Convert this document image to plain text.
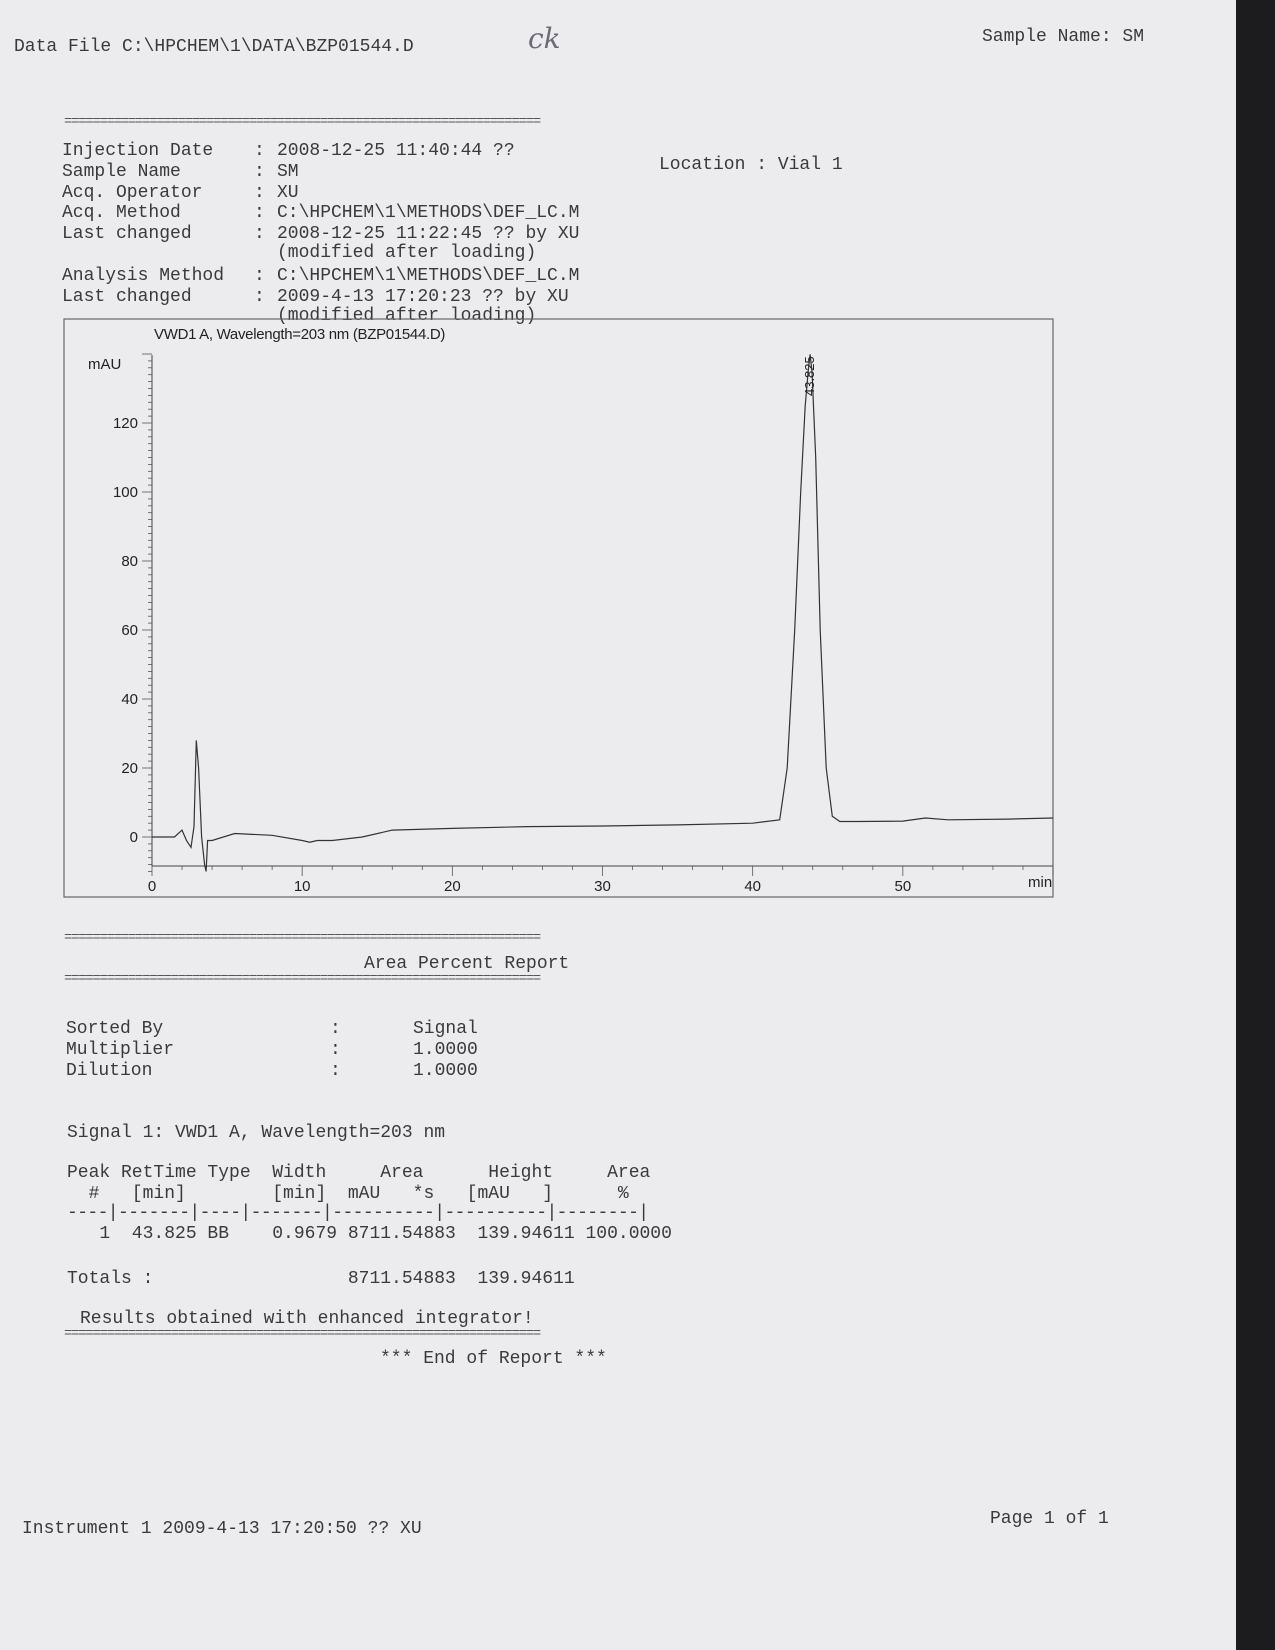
Data File C:\HPCHEM\1\DATA\BZP01544.D	ck	Sample Name: SM
===================================================================
Injection Date : 2008-12-25 11:40:44 ??
Sample Name	: SM
Acq. Operator	: XU
Acq. Method	: C:\HPCHEM\1\METHODS\DEF_LC.M
Last changed	: 2008-12-25 11:22:45 ?? by XU
(modified after loading)
Analysis Method : C:\HPCHEM\1\METHODS\DEF_LC.M
Last changed	: 2009-4-13 17:20:23 ?? by XU
(modified after loading)
Location : Vial 1
0
20
40
60
80
100
120
0	10	20	30	40	50
mAU
min
43.825
VWD1 A, Wavelength=203 nm (BZP01544.D)
===================================================================
Area Percent Report
===================================================================
Sorted By	:	Signal
Multiplier	:	1.0000
Dilution	:	1.0000
Signal 1: VWD1 A, Wavelength=203 nm
Peak RetTime Type  Width     Area      Height     Area
#   [min]        [min]  mAU   *s   [mAU   ]      %
----|-------|----|-------|----------|----------|--------|
1  43.825 BB    0.9679 8711.54883  139.94611 100.0000
Totals :                  8711.54883  139.94611
Results obtained with enhanced integrator!
===================================================================
*** End of Report ***
Instrument 1 2009-4-13 17:20:50 ?? XU	Page 1 of 1
